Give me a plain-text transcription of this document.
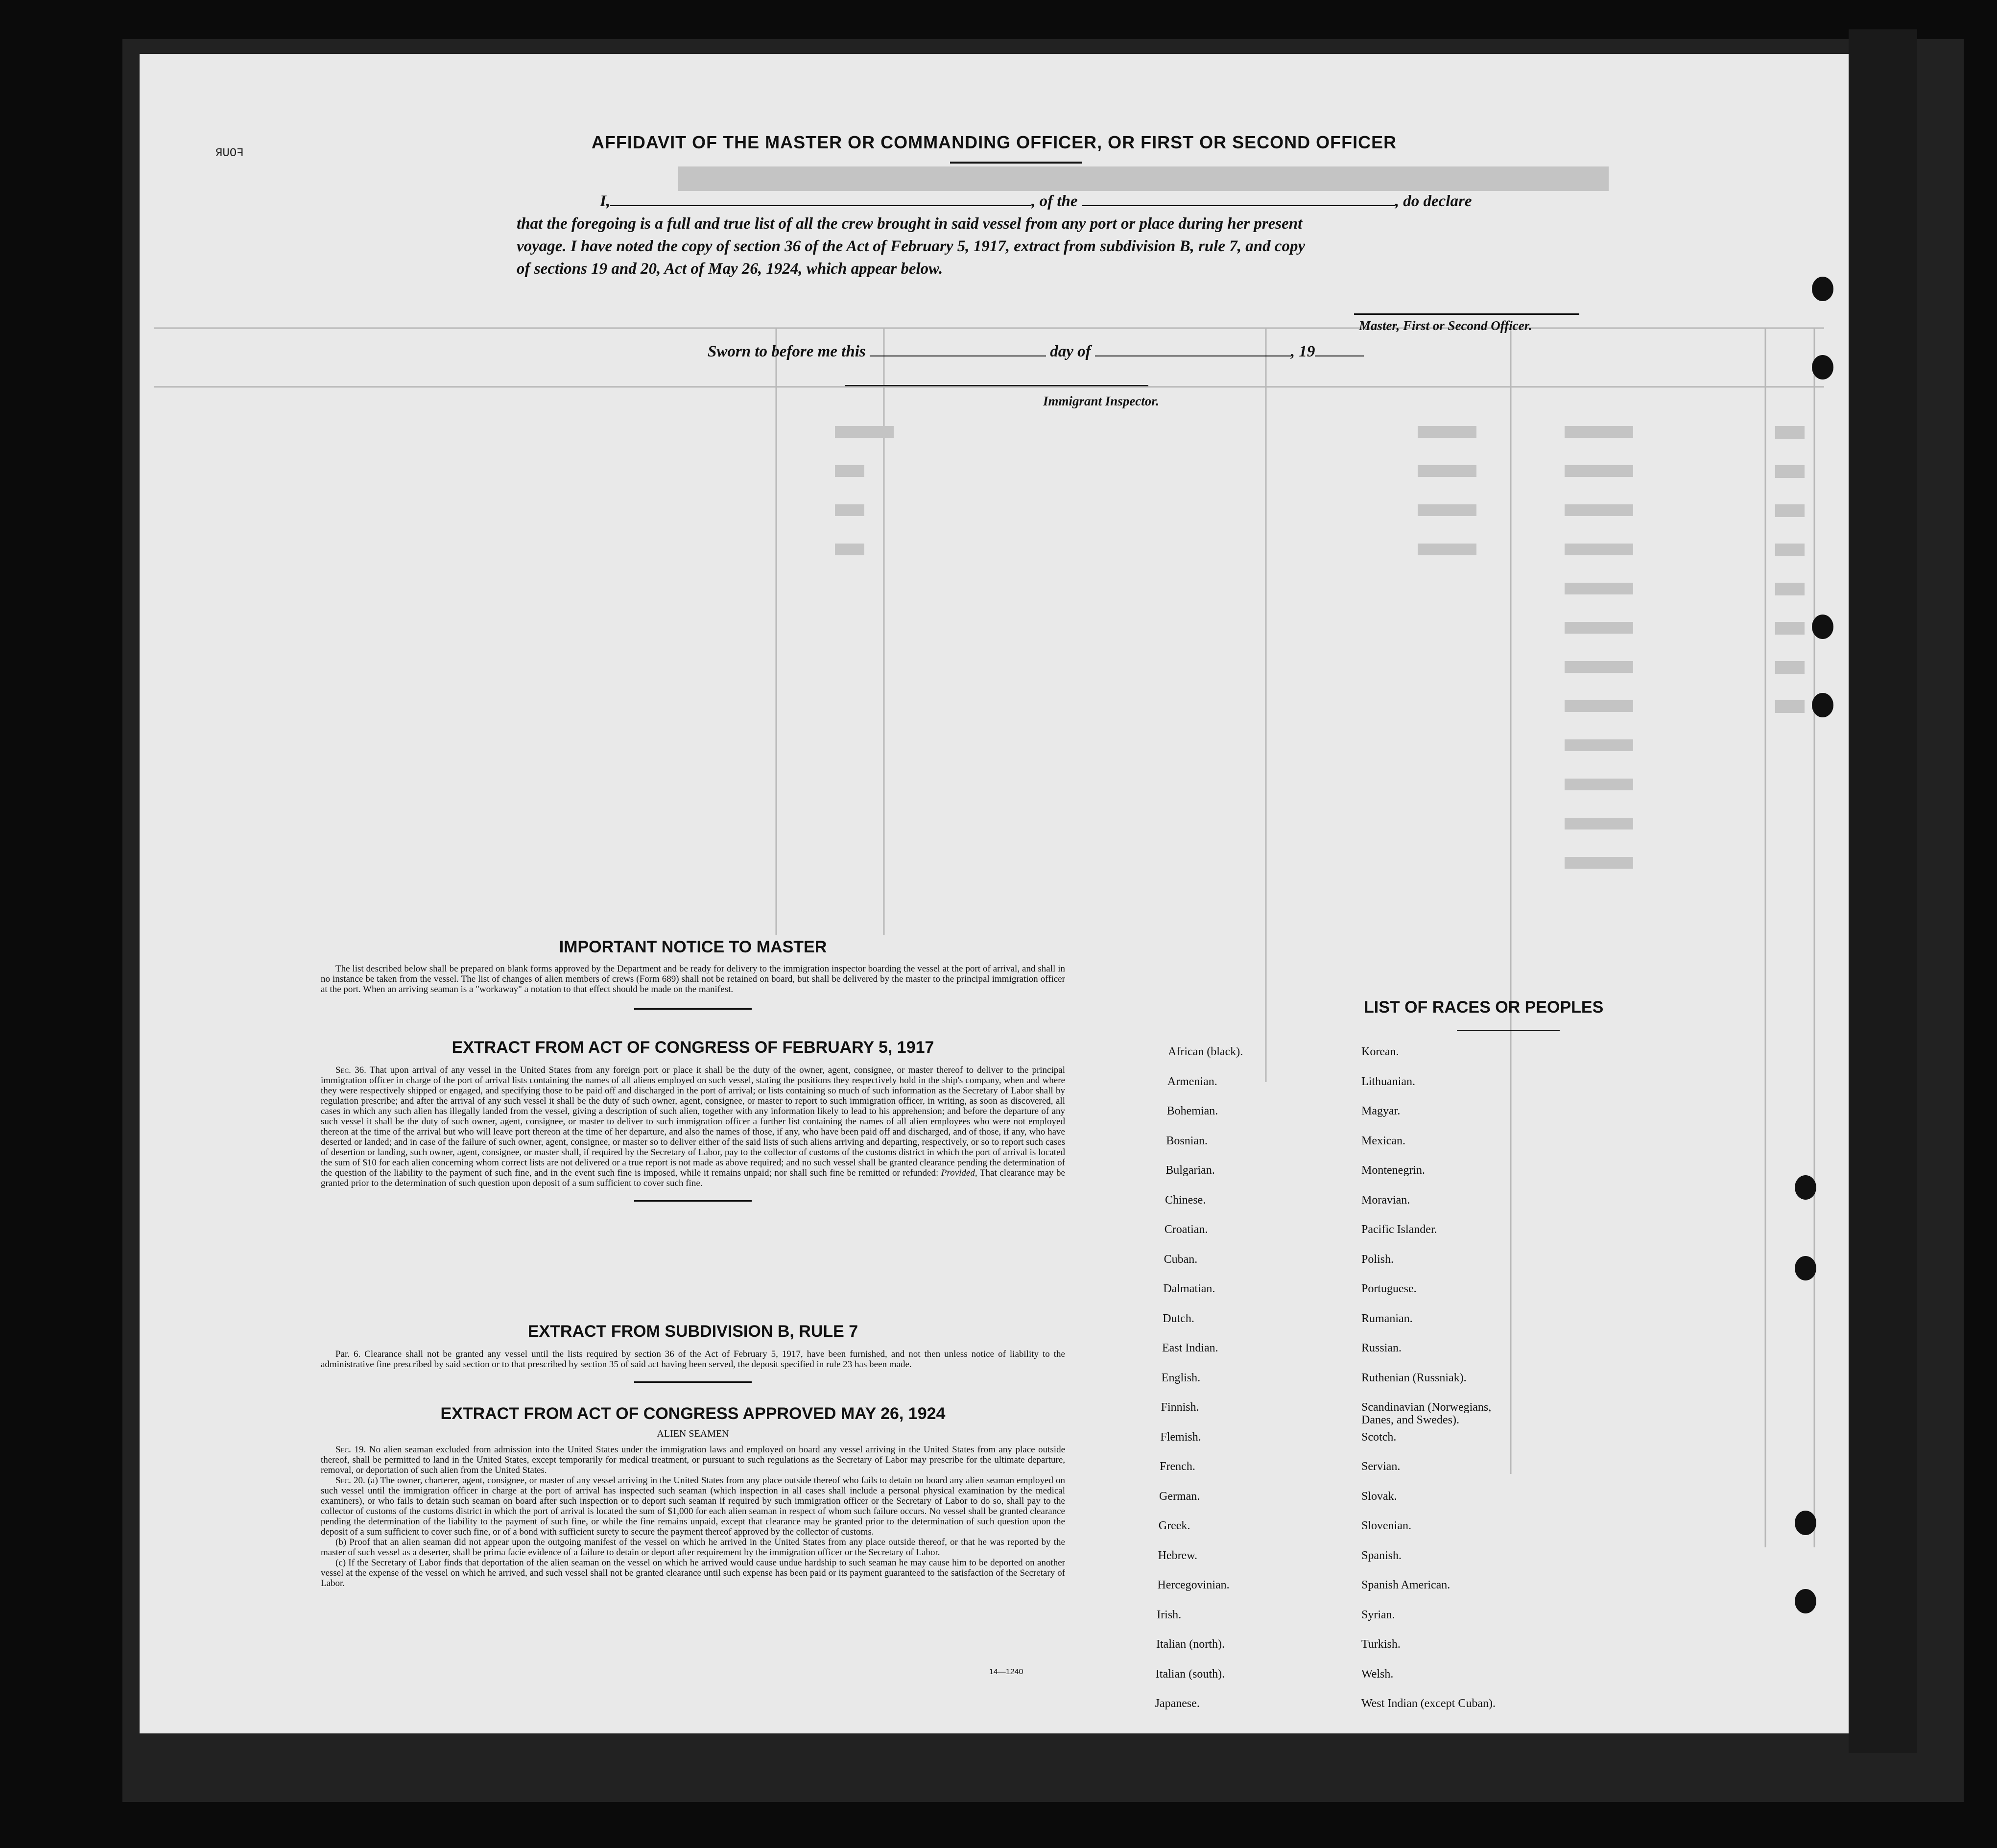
FOUR
AFFIDAVIT OF THE MASTER OR COMMANDING OFFICER, OR FIRST OR SECOND OFFICER
I,	, of the	, do declare
that the foregoing is a full and true list of all the crew brought in said vessel from any port or place during her present
voyage. I have noted the copy of section 36 of the Act of February 5, 1917, extract from subdivision B, rule 7, and copy
of sections 19 and 20, Act of May 26, 1924, which appear below.
Master, First or Second Officer.
Sworn to before me this	day of	, 19
Immigrant Inspector.
IMPORTANT NOTICE TO MASTER
The list described below shall be prepared on blank forms approved by the Department and be ready for delivery to the immigration inspector boarding the vessel at the port of arrival, and shall in no instance be taken from the vessel. The list of changes of alien members of crews (Form 689) shall not be retained on board, but shall be delivered by the master to the principal immigration officer at the port. When an arriving seaman is a "workaway" a notation to that effect should be made on the manifest.
EXTRACT FROM ACT OF CONGRESS OF FEBRUARY 5, 1917
Sec. 36. That upon arrival of any vessel in the United States from any foreign port or place it shall be the duty of the owner, agent, consignee, or master thereof to deliver to the principal immigration officer in charge of the port of arrival lists containing the names of all aliens employed on such vessel, stating the positions they respectively hold in the ship's company, when and where they were respectively shipped or engaged, and specifying those to be paid off and discharged in the port of arrival; or lists containing so much of such information as the Secretary of Labor shall by regulation prescribe; and after the arrival of any such vessel it shall be the duty of such owner, agent, consignee, or master to report to such immigration officer, in writing, as soon as discovered, all cases in which any such alien has illegally landed from the vessel, giving a description of such alien, together with any information likely to lead to his apprehension; and before the departure of any such vessel it shall be the duty of such owner, agent, consignee, or master to deliver to such immigration officer a further list containing the names of all alien employees who were not employed thereon at the time of the arrival but who will leave port thereon at the time of her departure, and also the names of those, if any, who have been paid off and discharged, and of those, if any, who have deserted or landed; and in case of the failure of such owner, agent, consignee, or master so to deliver either of the said lists of such aliens arriving and departing, respectively, or so to report such cases of desertion or landing, such owner, agent, consignee, or master shall, if required by the Secretary of Labor, pay to the collector of customs of the customs district in which the port of arrival is located the sum of $10 for each alien concerning whom correct lists are not delivered or a true report is not made as above required; and no such vessel shall be granted clearance pending the determination of the question of the liability to the payment of such fine, and in the event such fine is imposed, while it remains unpaid; nor shall such fine be remitted or refunded: Provided, That clearance may be granted prior to the determination of such question upon deposit of a sum sufficient to cover such fine.
EXTRACT FROM SUBDIVISION B, RULE 7
Par. 6. Clearance shall not be granted any vessel until the lists required by section 36 of the Act of February 5, 1917, have been furnished, and not then unless notice of liability to the administrative fine prescribed by said section or to that prescribed by section 35 of said act having been served, the deposit specified in rule 23 has been made.
EXTRACT FROM ACT OF CONGRESS APPROVED MAY 26, 1924
ALIEN SEAMEN
Sec. 19. No alien seaman excluded from admission into the United States under the immigration laws and employed on board any vessel arriving in the United States from any place outside thereof, shall be permitted to land in the United States, except temporarily for medical treatment, or pursuant to such regulations as the Secretary of Labor may prescribe for the ultimate departure, removal, or deportation of such alien from the United States.
Sec. 20. (a) The owner, charterer, agent, consignee, or master of any vessel arriving in the United States from any place outside thereof who fails to detain on board any alien seaman employed on such vessel until the immigration officer in charge at the port of arrival has inspected such seaman (which inspection in all cases shall include a personal physical examination by the medical examiners), or who fails to detain such seaman on board after such inspection or to deport such seaman if required by such immigration officer or the Secretary of Labor to do so, shall pay to the collector of customs of the customs district in which the port of arrival is located the sum of $1,000 for each alien seaman in respect of whom such failure occurs. No vessel shall be granted clearance pending the determination of the liability to the payment of such fine, or while the fine remains unpaid, except that clearance may be granted prior to the determination of such question upon the deposit of a sum sufficient to cover such fine, or of a bond with sufficient surety to secure the payment thereof approved by the collector of customs.
(b) Proof that an alien seaman did not appear upon the outgoing manifest of the vessel on which he arrived in the United States from any place outside thereof, or that he was reported by the master of such vessel as a deserter, shall be prima facie evidence of a failure to detain or deport after requirement by the immigration officer or the Secretary of Labor.
(c) If the Secretary of Labor finds that deportation of the alien seaman on the vessel on which he arrived would cause undue hardship to such seaman he may cause him to be deported on another vessel at the expense of the vessel on which he arrived, and such vessel shall not be granted clearance until such expense has been paid or its payment guaranteed to the satisfaction of the Secretary of Labor.
14—1240
LIST OF RACES OR PEOPLES
African (black).
Armenian.
Bohemian.
Bosnian.
Bulgarian.
Chinese.
Croatian.
Cuban.
Dalmatian.
Dutch.
East Indian.
English.
Finnish.
Flemish.
French.
German.
Greek.
Hebrew.
Hercegovinian.
Irish.
Italian (north).
Italian (south).
Japanese.
Korean.
Lithuanian.
Magyar.
Mexican.
Montenegrin.
Moravian.
Pacific Islander.
Polish.
Portuguese.
Rumanian.
Russian.
Ruthenian (Russniak).
Scandinavian (Norwegians,
Danes, and Swedes).
Scotch.
Servian.
Slovak.
Slovenian.
Spanish.
Spanish American.
Syrian.
Turkish.
Welsh.
West Indian (except Cuban).
